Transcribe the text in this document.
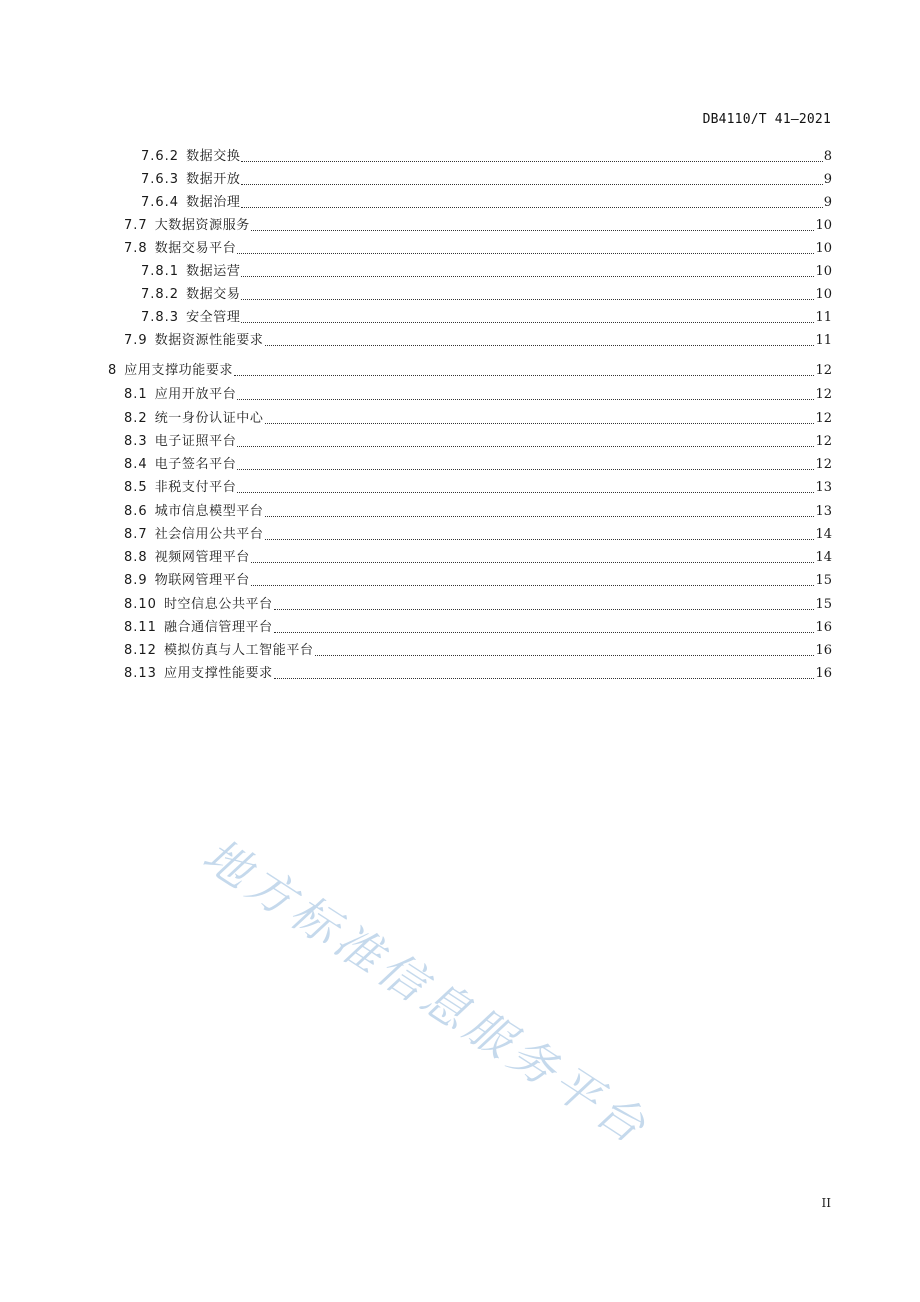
DB4110/T 41—2021
7.6.2 数据交换	8
7.6.3 数据开放	9
7.6.4 数据治理	9
7.7 大数据资源服务	10
7.8 数据交易平台	10
7.8.1 数据运营	10
7.8.2 数据交易	10
7.8.3 安全管理	11
7.9 数据资源性能要求	11
8 应用支撑功能要求	12
8.1 应用开放平台	12
8.2 统一身份认证中心	12
8.3 电子证照平台	12
8.4 电子签名平台	12
8.5 非税支付平台	13
8.6 城市信息模型平台	13
8.7 社会信用公共平台	14
8.8 视频网管理平台	14
8.9 物联网管理平台	15
8.10 时空信息公共平台	15
8.11 融合通信管理平台	16
8.12 模拟仿真与人工智能平台	16
8.13 应用支撑性能要求	16
地方标准信息服务平台
II
